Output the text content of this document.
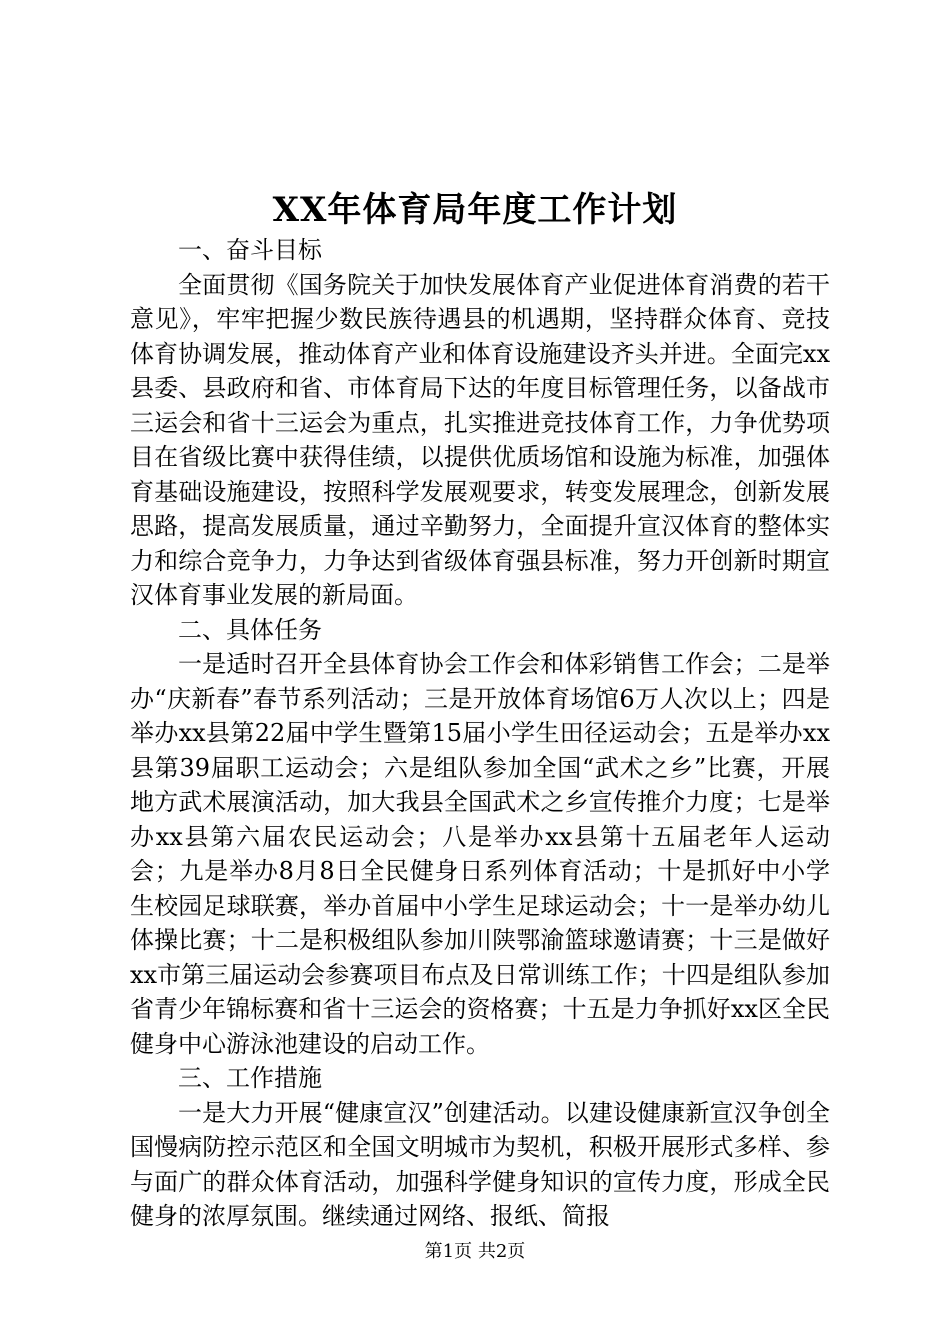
XX年体育局年度工作计划

一、奋斗目标

全面贯彻《国务院关于加快发展体育产业促进体育消费的若干意见》，牢牢把握少数民族待遇县的机遇期，坚持群众体育、竞技体育协调发展，推动体育产业和体育设施建设齐头并进。全面完xx县委、县政府和省、市体育局下达的年度目标管理任务，以备战市三运会和省十三运会为重点，扎实推进竞技体育工作，力争优势项目在省级比赛中获得佳绩，以提供优质场馆和设施为标准，加强体育基础设施建设，按照科学发展观要求，转变发展理念，创新发展思路，提高发展质量，通过辛勤努力，全面提升宣汉体育的整体实力和综合竞争力，力争达到省级体育强县标准，努力开创新时期宣汉体育事业发展的新局面。

二、具体任务

一是适时召开全县体育协会工作会和体彩销售工作会；二是举办“庆新春”春节系列活动；三是开放体育场馆6万人次以上；四是举办xx县第22届中学生暨第15届小学生田径运动会；五是举办xx县第39届职工运动会；六是组队参加全国“武术之乡”比赛，开展地方武术展演活动，加大我县全国武术之乡宣传推介力度；七是举办xx县第六届农民运动会；八是举办xx县第十五届老年人运动会；九是举办8月8日全民健身日系列体育活动；十是抓好中小学生校园足球联赛，举办首届中小学生足球运动会；十一是举办幼儿体操比赛；十二是积极组队参加川陕鄂渝篮球邀请赛；十三是做好xx市第三届运动会参赛项目布点及日常训练工作；十四是组队参加省青少年锦标赛和省十三运会的资格赛；十五是力争抓好xx区全民健身中心游泳池建设的启动工作。

三、工作措施

一是大力开展“健康宣汉”创建活动。以建设健康新宣汉争创全国慢病防控示范区和全国文明城市为契机，积极开展形式多样、参与面广的群众体育活动，加强科学健身知识的宣传力度，形成全民健身的浓厚氛围。继续通过网络、报纸、简报

第1页 共2页
